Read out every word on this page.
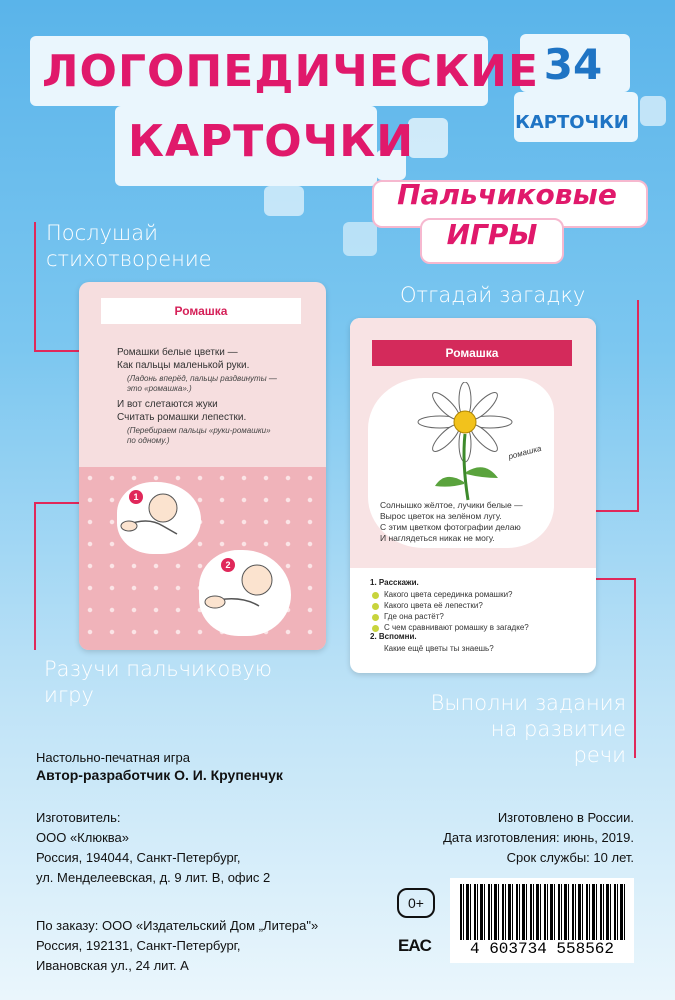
ЛОГОПЕДИЧЕСКИЕ
КАРТОЧКИ
34
КАРТОЧКИ
Пальчиковые
ИГРЫ
Послушай
стихотворение
Отгадай загадку
Разучи пальчиковую
игру	Выполни задания
на развитие
речи
Ромашка
Ромашки белые цветки —
Как пальцы маленькой руки.
(Ладонь вперёд, пальцы раздвинуты —
это «ромашка».)
И вот слетаются жуки
Считать ромашки лепестки.
(Перебираем пальцы «руки-ромашки»
по одному.)
1
2
Ромашка
ромашка
Солнышко жёлтое, лучики белые —
Вырос цветок на зелёном лугу.
С этим цветком фотографии делаю
И наглядеться никак не могу.
1. Расскажи.
Какого цвета серединка ромашки?
Какого цвета её лепестки?
Где она растёт?
С чем сравнивают ромашку в загадке?
2. Вспомни.
Какие ещё цветы ты знаешь?
Настольно-печатная игра
Автор-разработчик О. И. Крупенчук
Изготовитель:
ООО «Клюква»
Россия, 194044, Санкт-Петербург,
ул. Менделеевская, д. 9 лит. В, офис 2
Изготовлено в России.
Дата изготовления: июнь, 2019.
Срок службы: 10 лет.
По заказу: ООО «Издательский Дом „Литера"»
Россия, 192131, Санкт-Петербург,
Ивановская ул., 24 лит. А
0+
EAC	4 603734 558562
